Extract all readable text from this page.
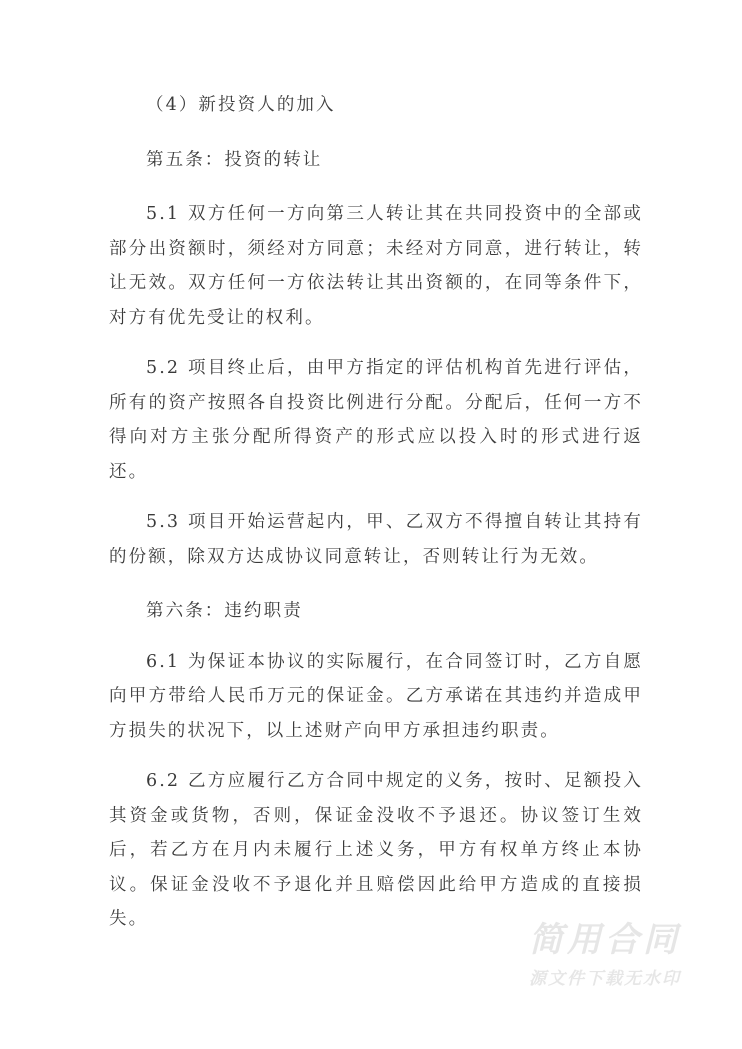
（4）新投资人的加入

第五条：投资的转让

5.1 双方任何一方向第三人转让其在共同投资中的全部或部分出资额时，须经对方同意；未经对方同意，进行转让，转让无效。双方任何一方依法转让其出资额的，在同等条件下，对方有优先受让的权利。

5.2 项目终止后，由甲方指定的评估机构首先进行评估，所有的资产按照各自投资比例进行分配。分配后，任何一方不得向对方主张分配所得资产的形式应以投入时的形式进行返还。

5.3 项目开始运营起内，甲、乙双方不得擅自转让其持有的份额，除双方达成协议同意转让，否则转让行为无效。

第六条：违约职责

6.1 为保证本协议的实际履行，在合同签订时，乙方自愿向甲方带给人民币万元的保证金。乙方承诺在其违约并造成甲方损失的状况下，以上述财产向甲方承担违约职责。

6.2 乙方应履行乙方合同中规定的义务，按时、足额投入其资金或货物，否则，保证金没收不予退还。协议签订生效后，若乙方在月内未履行上述义务，甲方有权单方终止本协议。保证金没收不予退化并且赔偿因此给甲方造成的直接损失。

简用合同
源文件下载无水印
